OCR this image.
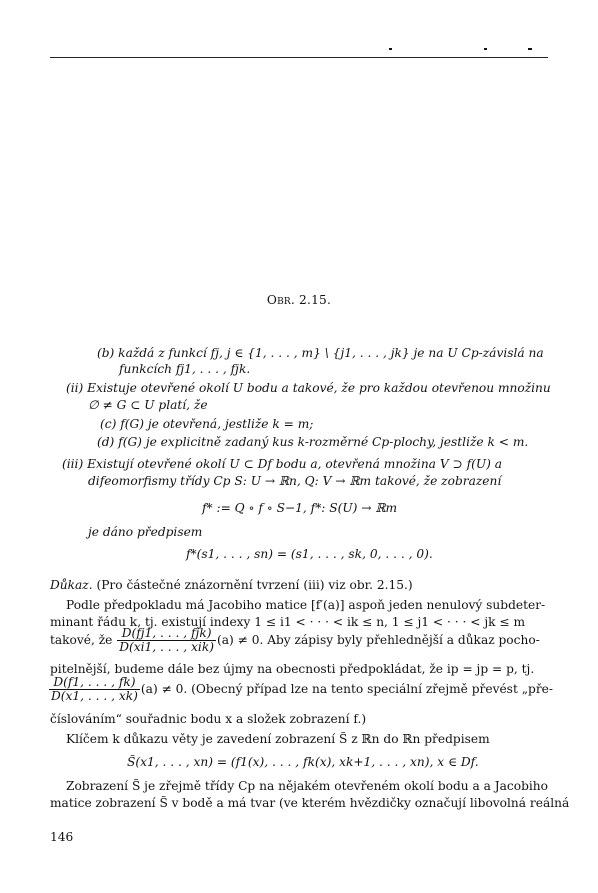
Obr. 2.15.
(b) každá z funkcí fj, j ∈ {1, . . . , m} \ {j1, . . . , jk} je na U Cp-závislá na
funkcích fj1, . . . , fjk.
(ii) Existuje otevřené okolí U bodu a takové, že pro každou otevřenou množinu
∅ ≠ G ⊂ U platí, že
(c) f(G) je otevřená, jestliže k = m;
(d) f(G) je explicitně zadaný kus k-rozměrné Cp-plochy, jestliže k < m.
(iii) Existují otevřené okolí U ⊂ Df bodu a, otevřená množina V ⊃ f(U) a
difeomorfismy třídy Cp S: U → ℝn, Q: V → ℝm takové, že zobrazení
f* := Q ∘ f ∘ S−1, f*: S(U) → ℝm
je dáno předpisem
f*(s1, . . . , sn) = (s1, . . . , sk, 0, . . . , 0).
Důkaz. (Pro částečné znázornění tvrzení (iii) viz obr. 2.15.)
Podle předpokladu má Jacobiho matice [f′(a)] aspoň jeden nenulový subdeter-
minant řádu k, tj. existují indexy 1 ≤ i1 < · · · < ik ≤ n, 1 ≤ j1 < · · · < jk ≤ m
takové, že $\frac{\text{D(fj1, . . . , fjk)}}{\text{D(xi1, . . . , xik)}} (a) \ne 0$. Aby zápisy byly přehlednější a důkaz pocho-
pitelnější, budeme dále bez újmy na obecnosti předpokládat, že ip = jp = p, tj.
$\frac{D(f1, . . . , fk)}{D(x1, . . . , xk)} (a) \ne 0$. (Obecný případ lze na tento speciální zřejmě převést „pře-
číslováním“ souřadnic bodu x a složek zobrazení f.)
Klíčem k důkazu věty je zavedení zobrazení S̃ z ℝn do ℝn předpisem
S̃(x1, . . . , xn) = (f1(x), . . . , fk(x), xk+1, . . . , xn), x ∈ Df.
Zobrazení S̃ je zřejmě třídy Cp na nějakém otevřeném okolí bodu a a Jacobiho
matice zobrazení S̃ v bodě a má tvar (ve kterém hvězdičky označují libovolná reálná
146
